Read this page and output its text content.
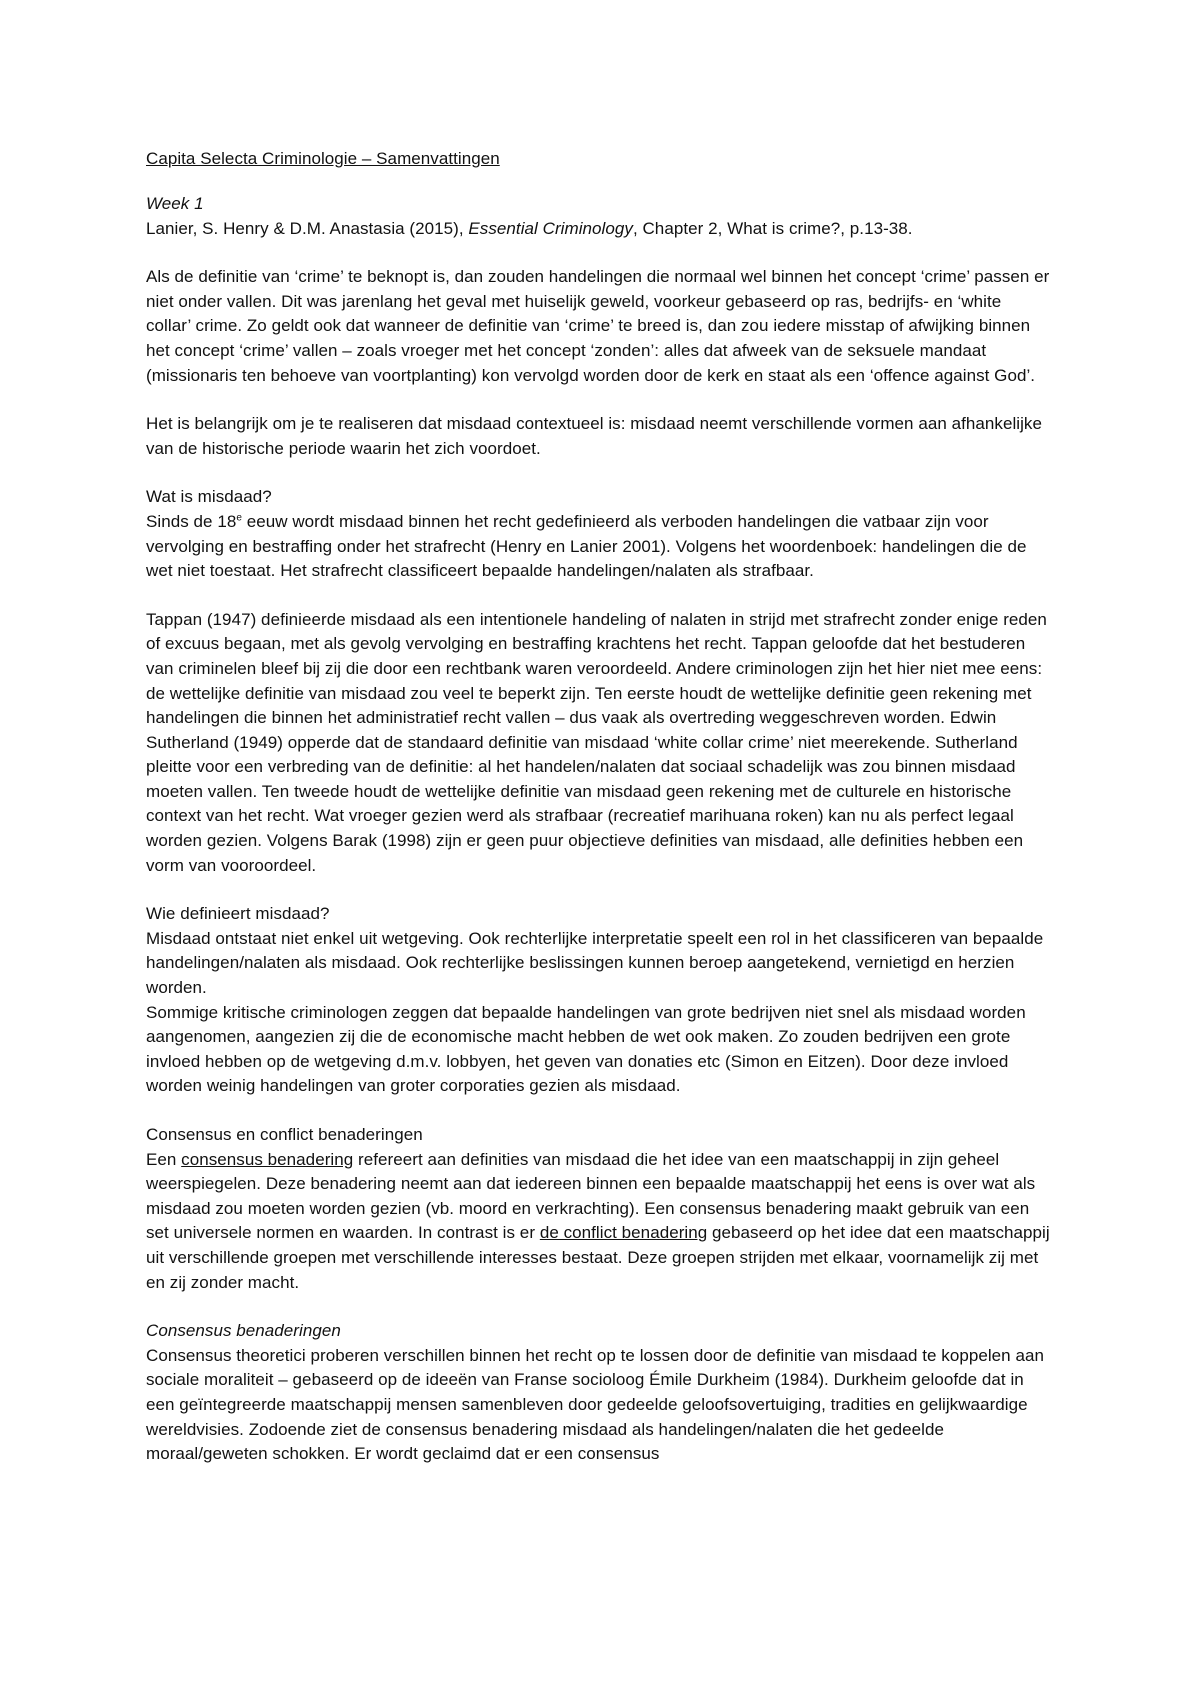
Capita Selecta Criminologie – Samenvattingen
Week 1
Lanier, S. Henry & D.M. Anastasia (2015), Essential Criminology, Chapter 2, What is crime?, p.13-38.

Als de definitie van ‘crime’ te beknopt is, dan zouden handelingen die normaal wel binnen het concept ‘crime’ passen er niet onder vallen. Dit was jarenlang het geval met huiselijk geweld, voorkeur gebaseerd op ras, bedrijfs- en ‘white collar’ crime. Zo geldt ook dat wanneer de definitie van ‘crime’ te breed is, dan zou iedere misstap of afwijking binnen het concept ‘crime’ vallen – zoals vroeger met het concept ‘zonden’: alles dat afweek van de seksuele mandaat (missionaris ten behoeve van voortplanting) kon vervolgd worden door de kerk en staat als een ‘offence against God’.

Het is belangrijk om je te realiseren dat misdaad contextueel is: misdaad neemt verschillende vormen aan afhankelijke van de historische periode waarin het zich voordoet.

Wat is misdaad?

Sinds de 18e eeuw wordt misdaad binnen het recht gedefinieerd als verboden handelingen die vatbaar zijn voor vervolging en bestraffing onder het strafrecht (Henry en Lanier 2001). Volgens het woordenboek: handelingen die de wet niet toestaat. Het strafrecht classificeert bepaalde handelingen/nalaten als strafbaar.

Tappan (1947) definieerde misdaad als een intentionele handeling of nalaten in strijd met strafrecht zonder enige reden of excuus begaan, met als gevolg vervolging en bestraffing krachtens het recht. Tappan geloofde dat het bestuderen van criminelen bleef bij zij die door een rechtbank waren veroordeeld. Andere criminologen zijn het hier niet mee eens: de wettelijke definitie van misdaad zou veel te beperkt zijn. Ten eerste houdt de wettelijke definitie geen rekening met handelingen die binnen het administratief recht vallen – dus vaak als overtreding weggeschreven worden. Edwin Sutherland (1949) opperde dat de standaard definitie van misdaad ‘white collar crime’ niet meerekende. Sutherland pleitte voor een verbreding van de definitie: al het handelen/nalaten dat sociaal schadelijk was zou binnen misdaad moeten vallen. Ten tweede houdt de wettelijke definitie van misdaad geen rekening met de culturele en historische context van het recht. Wat vroeger gezien werd als strafbaar (recreatief marihuana roken) kan nu als perfect legaal worden gezien. Volgens Barak (1998) zijn er geen puur objectieve definities van misdaad, alle definities hebben een vorm van vooroordeel.

Wie definieert misdaad?
Misdaad ontstaat niet enkel uit wetgeving. Ook rechterlijke interpretatie speelt een rol in het classificeren van bepaalde handelingen/nalaten als misdaad. Ook rechterlijke beslissingen kunnen beroep aangetekend, vernietigd en herzien worden.

Sommige kritische criminologen zeggen dat bepaalde handelingen van grote bedrijven niet snel als misdaad worden aangenomen, aangezien zij die de economische macht hebben de wet ook maken. Zo zouden bedrijven een grote invloed hebben op de wetgeving d.m.v. lobbyen, het geven van donaties etc (Simon en Eitzen). Door deze invloed worden weinig handelingen van groter corporaties gezien als misdaad.

Consensus en conflict benaderingen

Een consensus benadering refereert aan definities van misdaad die het idee van een maatschappij in zijn geheel weerspiegelen. Deze benadering neemt aan dat iedereen binnen een bepaalde maatschappij het eens is over wat als misdaad zou moeten worden gezien (vb. moord en verkrachting). Een consensus benadering maakt gebruik van een set universele normen en waarden. In contrast is er de conflict benadering gebaseerd op het idee dat een maatschappij uit verschillende groepen met verschillende interesses bestaat. Deze groepen strijden met elkaar, voornamelijk zij met en zij zonder macht.

Consensus benaderingen
Consensus theoretici proberen verschillen binnen het recht op te lossen door de definitie van misdaad te koppelen aan sociale moraliteit – gebaseerd op de ideeën van Franse socioloog Émile Durkheim (1984). Durkheim geloofde dat in een geïntegreerde maatschappij mensen samenbleven door gedeelde geloofsovertuiging, tradities en gelijkwaardige wereldvisies. Zodoende ziet de consensus benadering misdaad als handelingen/nalaten die het gedeelde moraal/geweten schokken. Er wordt geclaimd dat er een consensus
